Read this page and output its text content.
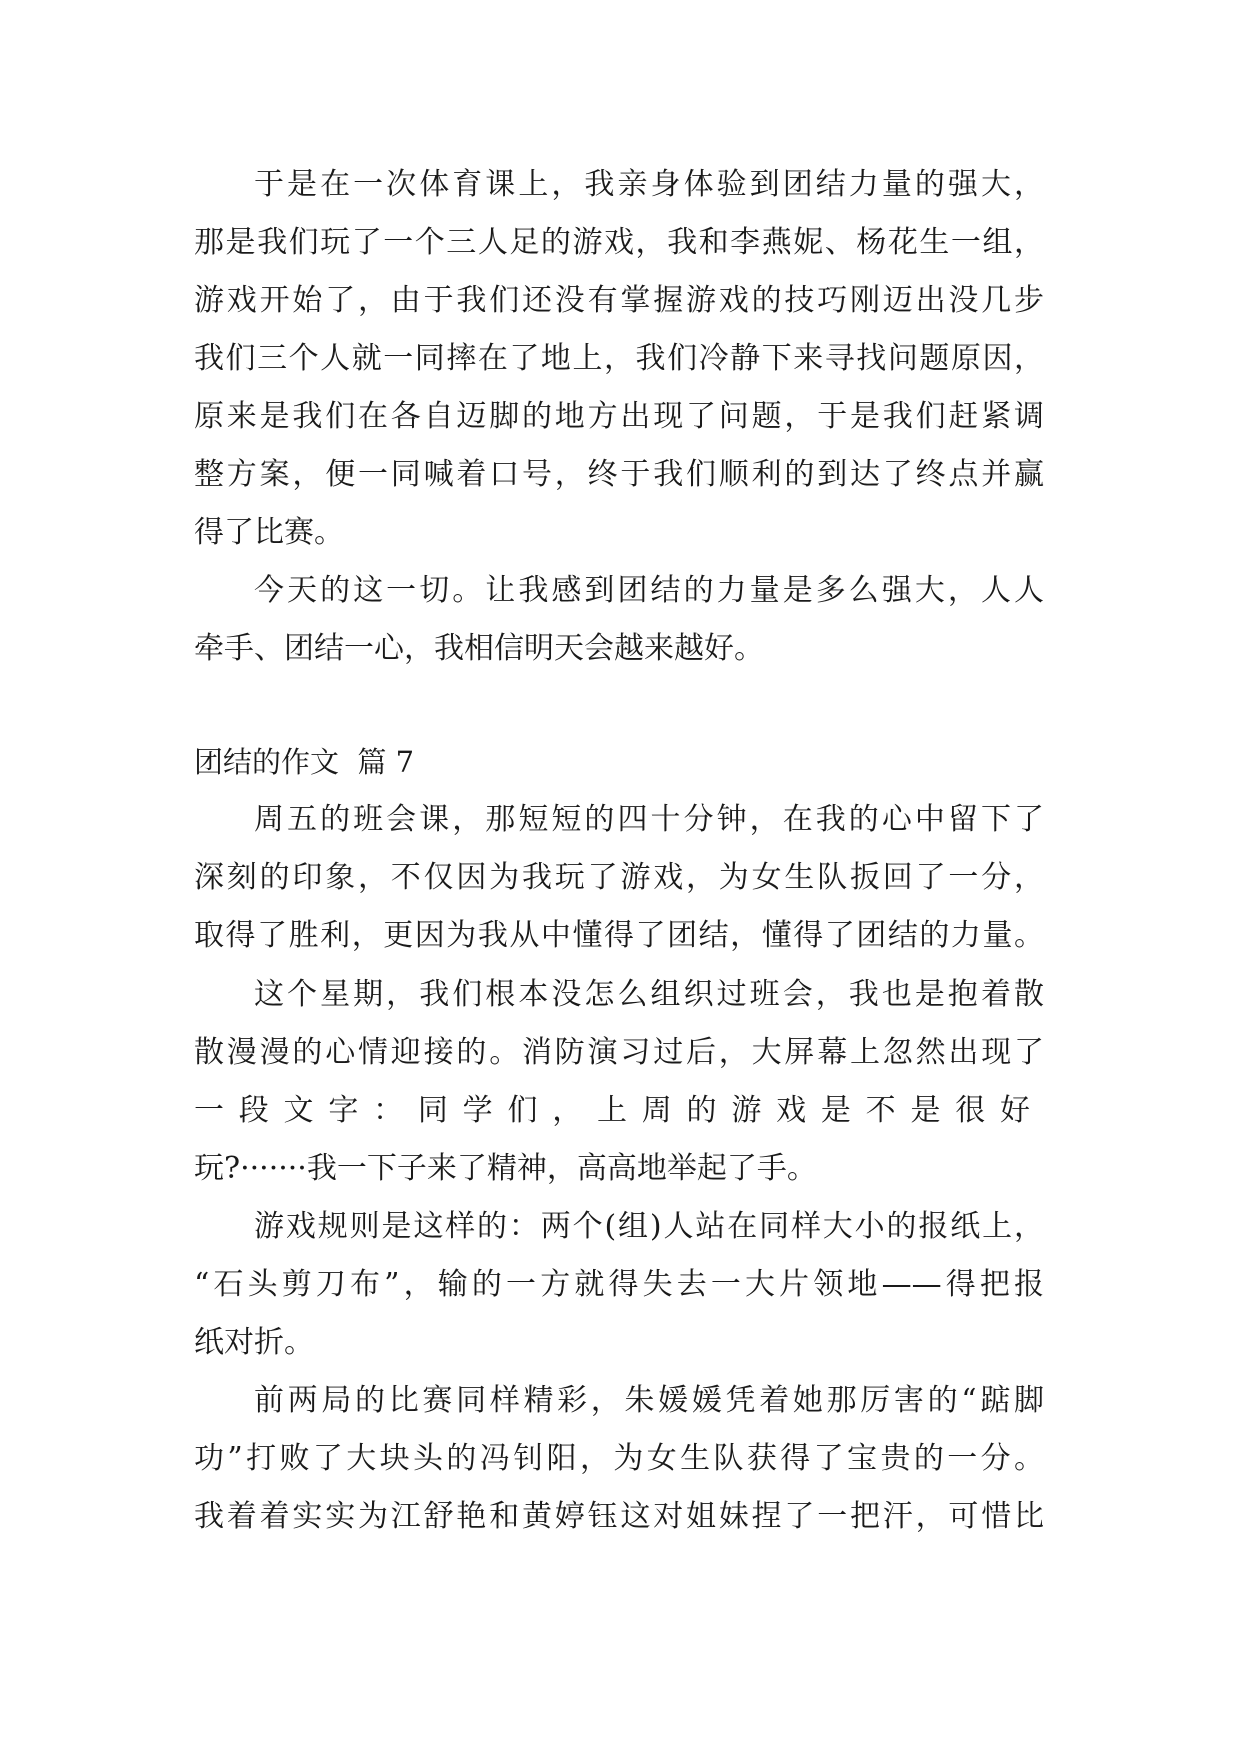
于是在一次体育课上，我亲身体验到团结力量的强大，
那是我们玩了一个三人足的游戏，我和李燕妮、杨花生一组，
游戏开始了，由于我们还没有掌握游戏的技巧刚迈出没几步
我们三个人就一同摔在了地上，我们冷静下来寻找问题原因，
原来是我们在各自迈脚的地方出现了问题，于是我们赶紧调
整方案，便一同喊着口号，终于我们顺利的到达了终点并赢
得了比赛。
今天的这一切。让我感到团结的力量是多么强大，人人
牵手、团结一心，我相信明天会越来越好。
团结的作文  篇 7
周五的班会课，那短短的四十分钟，在我的心中留下了
深刻的印象，不仅因为我玩了游戏，为女生队扳回了一分，
取得了胜利，更因为我从中懂得了团结，懂得了团结的力量。
这个星期，我们根本没怎么组织过班会，我也是抱着散
散漫漫的心情迎接的。消防演习过后，大屏幕上忽然出现了
一段文字：同学们，上周的游戏是不是很好
玩?·······我一下子来了精神，高高地举起了手。
游戏规则是这样的：两个(组)人站在同样大小的报纸上，
“石头剪刀布”，输的一方就得失去一大片领地——得把报
纸对折。
前两局的比赛同样精彩，朱媛媛凭着她那厉害的“踮脚
功”打败了大块头的冯钊阳，为女生队获得了宝贵的一分。
我着着实实为江舒艳和黄婷钰这对姐妹捏了一把汗，可惜比
